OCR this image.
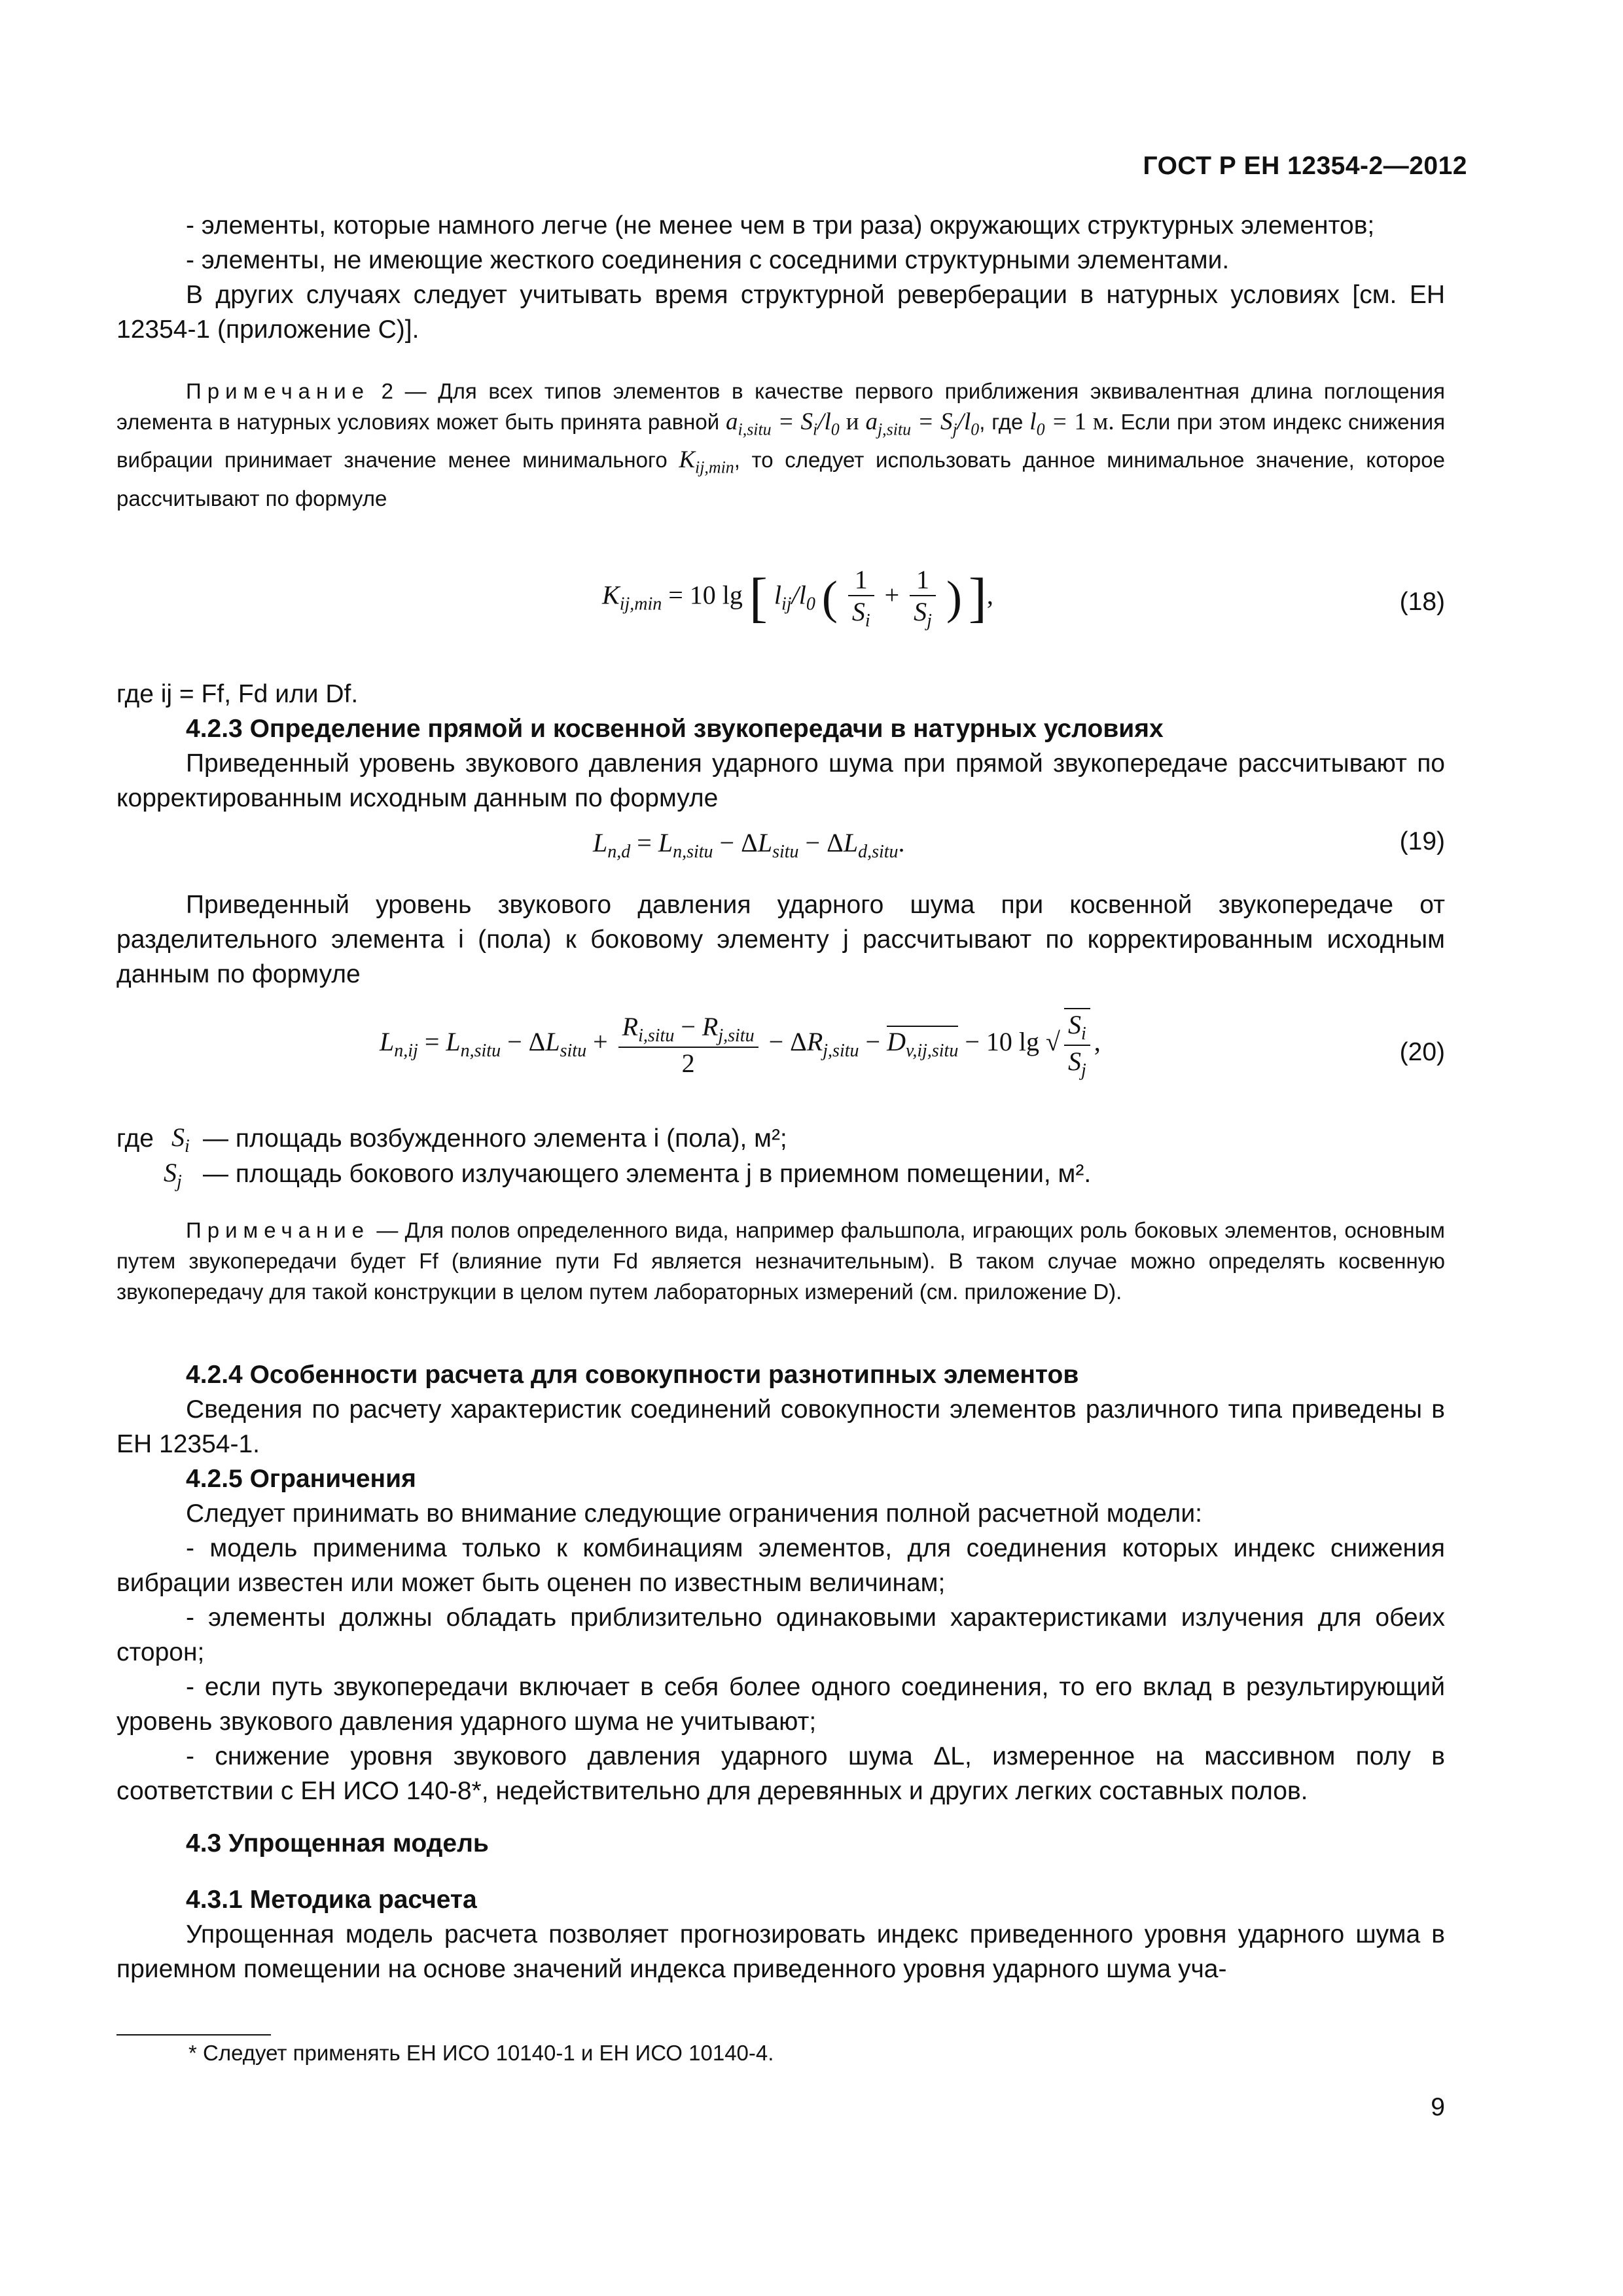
ГОСТ Р ЕН 12354-2—2012
- элементы, которые намного легче (не менее чем в три раза) окружающих структурных элементов;
- элементы, не имеющие жесткого соединения с соседними структурными элементами.
В других случаях следует учитывать время структурной реверберации в натурных условиях [см. ЕН 12354-1 (приложение С)].
Примечание 2 — Для всех типов элементов в качестве первого приближения эквивалентная длина поглощения элемента в натурных условиях может быть принята равной $a_{i,situ} = S_i/l_0$ и $a_{j,situ} = S_j/l_0$, где $l_0 = 1$ м. Если при этом индекс снижения вибрации принимает значение менее минимального $K_{ij,min}$, то следует использовать данное минимальное значение, которое рассчитывают по формуле
$K_{ij,min} = 10$ lg [ $l_{ij}/l_0$ ( $\frac{1}{S_i} + \frac{1}{S_j}$ ) ],	(18)
где ij = Ff, Fd или Df.
4.2.3 Определение прямой и косвенной звукопередачи в натурных условиях
Приведенный уровень звукового давления ударного шума при прямой звукопередаче рассчитывают по корректированным исходным данным по формуле
$L_{n,d} = L_{n,situ} - \Delta L_{situ} - \Delta L_{d,situ}$.	(19)
Приведенный уровень звукового давления ударного шума при косвенной звукопередаче от разделительного элемента i (пола) к боковому элементу j рассчитывают по корректированным исходным данным по формуле
$L_{n,ij} = L_{n,situ} - \Delta L_{situ} + \frac{R_{i,situ} - R_{j,situ}}{2} - \Delta R_{j,situ} - D_{v,ij,situ} - 10$ lg √ $\frac{S_i}{S_j}$ ,	(20)
где $S_i$ — площадь возбужденного элемента i (пола), м²;
$S_j$ — площадь бокового излучающего элемента j в приемном помещении, м².
Примечание — Для полов определенного вида, например фальшпола, играющих роль боковых элементов, основным путем звукопередачи будет Ff (влияние пути Fd является незначительным). В таком случае можно определять косвенную звукопередачу для такой конструкции в целом путем лабораторных измерений (см. приложение D).
4.2.4 Особенности расчета для совокупности разнотипных элементов
Сведения по расчету характеристик соединений совокупности элементов различного типа приведены в ЕН 12354-1.
4.2.5 Ограничения
Следует принимать во внимание следующие ограничения полной расчетной модели:
- модель применима только к комбинациям элементов, для соединения которых индекс снижения вибрации известен или может быть оценен по известным величинам;
- элементы должны обладать приблизительно одинаковыми характеристиками излучения для обеих сторон;
- если путь звукопередачи включает в себя более одного соединения, то его вклад в результирующий уровень звукового давления ударного шума не учитывают;
- снижение уровня звукового давления ударного шума ΔL, измеренное на массивном полу в соответствии с ЕН ИСО 140-8*, недействительно для деревянных и других легких составных полов.
4.3 Упрощенная модель
4.3.1 Методика расчета
Упрощенная модель расчета позволяет прогнозировать индекс приведенного уровня ударного шума в приемном помещении на основе значений индекса приведенного уровня ударного шума уча-
* Следует применять ЕН ИСО 10140-1 и ЕН ИСО 10140-4.
9
